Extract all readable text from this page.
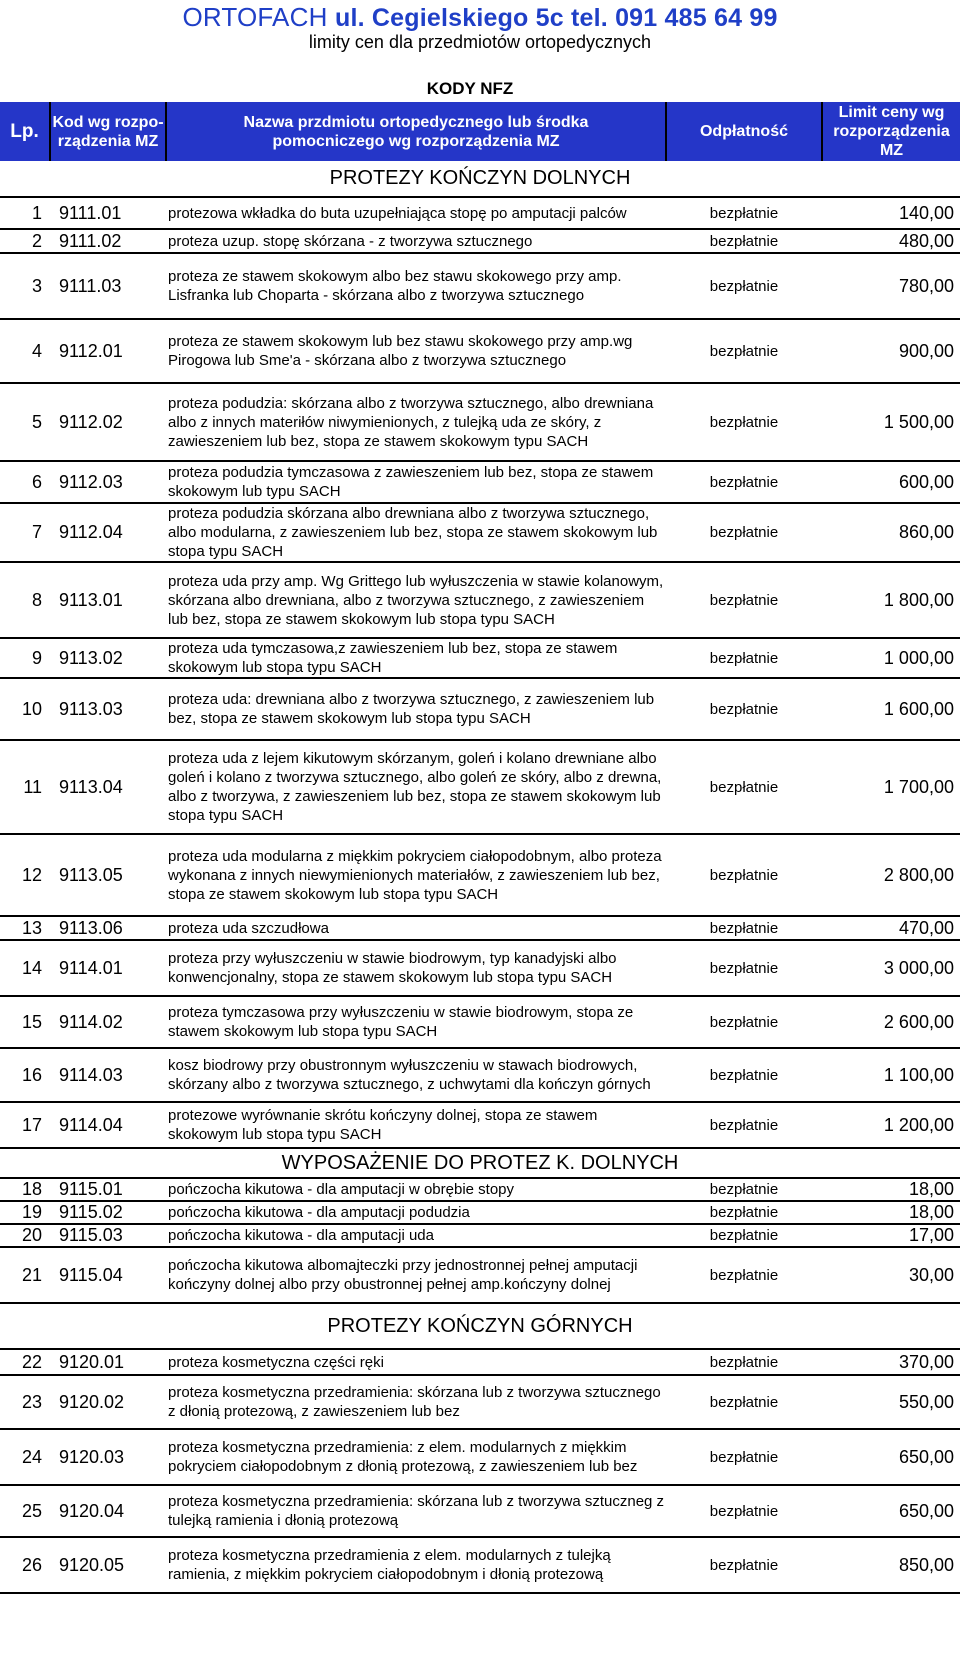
ORTOFACH ul. Cegielskiego 5c tel. 091 485 64 99
limity cen dla przedmiotów ortopedycznych
KODY NFZ
Lp.	Kod wg rozpo-rządzenia MZ	Nazwa przdmiotu ortopedycznego lub środka pomocniczego wg rozporządzenia MZ	Odpłatność	Limit ceny wg rozporządzenia MZ
PROTEZY KOŃCZYN DOLNYCH				
1	9111.01	protezowa wkładka do buta uzupełniająca stopę po amputacji palców	bezpłatnie	140,00
2	9111.02	proteza uzup. stopę skórzana - z tworzywa sztucznego	bezpłatnie	480,00
3	9111.03	proteza ze stawem skokowym albo bez stawu skokowego przy amp. Lisfranka lub Choparta - skórzana albo z tworzywa sztucznego	bezpłatnie	780,00
4	9112.01	proteza ze stawem skokowym lub bez stawu skokowego przy amp.wg Pirogowa lub Sme'a - skórzana albo z tworzywa sztucznego	bezpłatnie	900,00
5	9112.02	proteza podudzia: skórzana albo z tworzywa sztucznego, albo drewniana albo z innych materiłów niwymienionych, z tulejką uda ze skóry, z zawieszeniem lub bez, stopa ze stawem skokowym typu SACH	bezpłatnie	1 500,00
6	9112.03	proteza podudzia tymczasowa z zawieszeniem lub bez, stopa ze stawem skokowym lub typu SACH	bezpłatnie	600,00
7	9112.04	proteza podudzia skórzana albo drewniana albo z tworzywa sztucznego, albo modularna, z zawieszeniem lub bez, stopa ze stawem skokowym lub stopa typu SACH	bezpłatnie	860,00
8	9113.01	proteza uda przy amp. Wg Grittego lub wyłuszczenia w stawie kolanowym, skórzana albo drewniana, albo z tworzywa sztucznego, z zawieszeniem lub bez, stopa ze stawem skokowym lub stopa typu SACH	bezpłatnie	1 800,00
9	9113.02	proteza uda tymczasowa,z zawieszeniem lub bez, stopa ze stawem skokowym lub stopa typu SACH	bezpłatnie	1 000,00
10	9113.03	proteza uda: drewniana albo z tworzywa sztucznego, z zawieszeniem lub bez, stopa ze stawem skokowym lub stopa typu SACH	bezpłatnie	1 600,00
11	9113.04	proteza uda z lejem kikutowym skórzanym, goleń i kolano drewniane albo goleń i kolano z tworzywa sztucznego, albo goleń ze skóry, albo z drewna, albo z tworzywa, z zawieszeniem lub bez, stopa ze stawem skokowym lub stopa typu SACH	bezpłatnie	1 700,00
12	9113.05	proteza uda modularna z miękkim pokryciem ciałopodobnym, albo proteza wykonana z innych niewymienionych materiałów, z zawieszeniem lub bez, stopa ze stawem skokowym lub stopa typu SACH	bezpłatnie	2 800,00
13	9113.06	proteza uda szczudłowa	bezpłatnie	470,00
14	9114.01	proteza przy wyłuszczeniu w stawie biodrowym, typ kanadyjski albo konwencjonalny, stopa ze stawem skokowym lub stopa typu SACH	bezpłatnie	3 000,00
15	9114.02	proteza tymczasowa przy wyłuszczeniu w stawie biodrowym, stopa ze stawem skokowym lub stopa typu SACH	bezpłatnie	2 600,00
16	9114.03	kosz biodrowy przy obustronnym wyłuszczeniu w stawach biodrowych, skórzany albo z tworzywa sztucznego, z uchwytami dla kończyn górnych	bezpłatnie	1 100,00
17	9114.04	protezowe wyrównanie skrótu kończyny dolnej, stopa ze stawem skokowym lub stopa typu SACH	bezpłatnie	1 200,00
WYPOSAŻENIE DO PROTEZ K. DOLNYCH				
18	9115.01	pończocha kikutowa - dla amputacji w obrębie stopy	bezpłatnie	18,00
19	9115.02	pończocha kikutowa - dla amputacji podudzia	bezpłatnie	18,00
20	9115.03	pończocha kikutowa - dla amputacji uda	bezpłatnie	17,00
21	9115.04	pończocha kikutowa albomajteczki przy jednostronnej pełnej amputacji kończyny dolnej albo przy obustronnej pełnej amp.kończyny dolnej	bezpłatnie	30,00
PROTEZY KOŃCZYN GÓRNYCH				
22	9120.01	proteza kosmetyczna części ręki	bezpłatnie	370,00
23	9120.02	proteza kosmetyczna przedramienia: skórzana lub z tworzywa sztucznego z dłonią protezową, z zawieszeniem lub bez	bezpłatnie	550,00
24	9120.03	proteza kosmetyczna przedramienia: z elem. modularnych z miękkim pokryciem ciałopodobnym z dłonią protezową, z zawieszeniem lub bez	bezpłatnie	650,00
25	9120.04	proteza kosmetyczna przedramienia: skórzana lub z tworzywa sztuczneg z tulejką ramienia i dłonią protezową	bezpłatnie	650,00
26	9120.05	proteza kosmetyczna przedramienia z elem. modularnych z tulejką ramienia, z miękkim pokryciem ciałopodobnym i dłonią protezową	bezpłatnie	850,00
